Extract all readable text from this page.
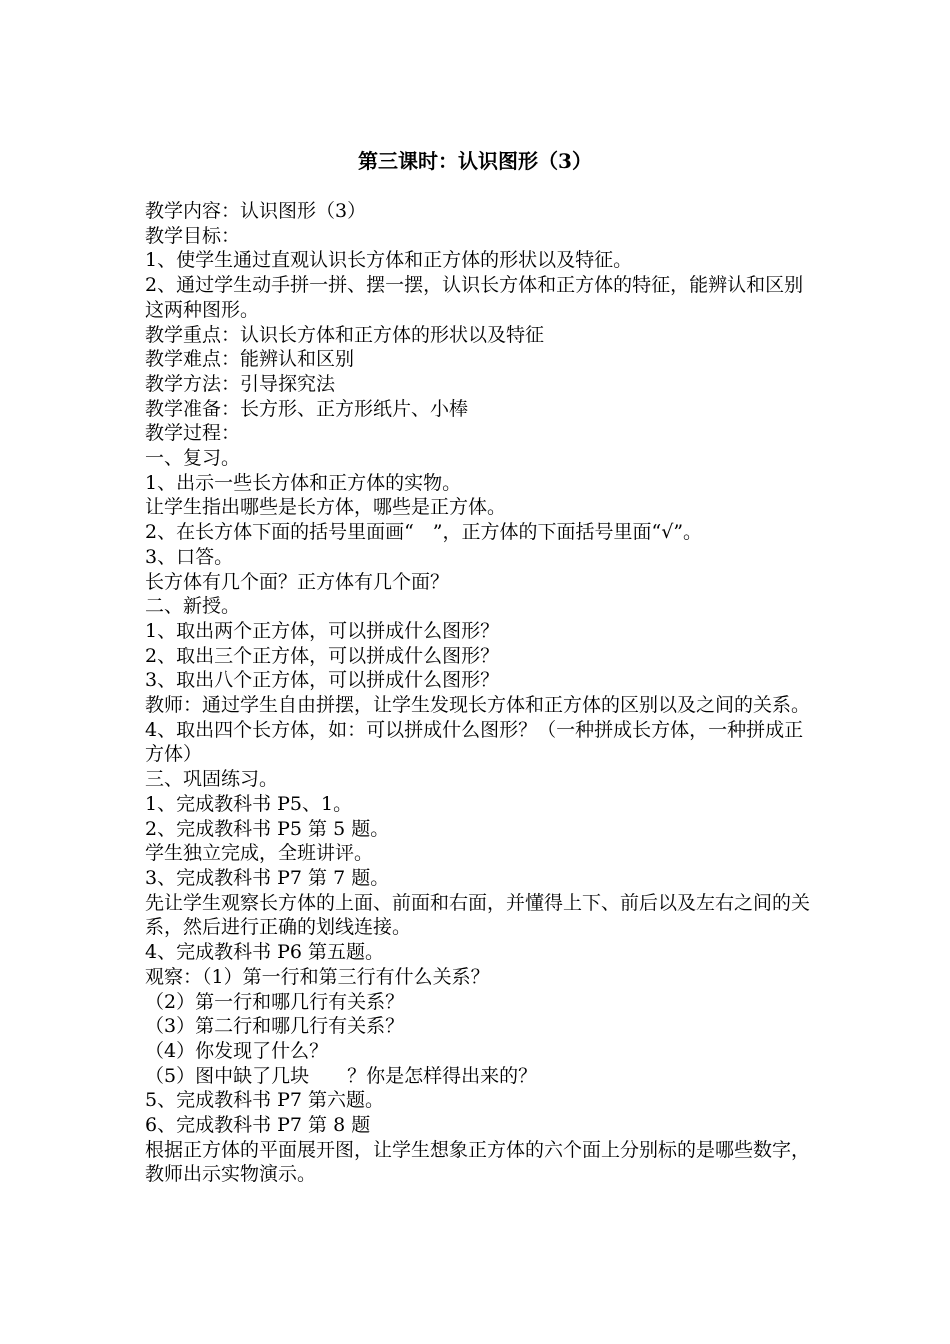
第三课时：认识图形（3）

教学内容：认识图形（3）

教学目标：

1、使学生通过直观认识长方体和正方体的形状以及特征。

2、通过学生动手拼一拼、摆一摆，认识长方体和正方体的特征，能辨认和区别这两种图形。

教学重点：认识长方体和正方体的形状以及特征

教学难点：能辨认和区别

教学方法：引导探究法

教学准备：长方形、正方形纸片、小棒

教学过程：

一、复习。

1、出示一些长方体和正方体的实物。

让学生指出哪些是长方体，哪些是正方体。

2、在长方体下面的括号里面画“　”，正方体的下面括号里面“√”。

3、口答。

长方体有几个面？正方体有几个面？

二、新授。

1、取出两个正方体，可以拼成什么图形？

2、取出三个正方体，可以拼成什么图形？

3、取出八个正方体，可以拼成什么图形？

教师：通过学生自由拼摆，让学生发现长方体和正方体的区别以及之间的关系。

4、取出四个长方体，如：可以拼成什么图形？（一种拼成长方体，一种拼成正方体）

三、巩固练习。

1、完成教科书 P5、1。

2、完成教科书 P5 第 5 题。

学生独立完成，全班讲评。

3、完成教科书 P7 第 7 题。

先让学生观察长方体的上面、前面和右面，并懂得上下、前后以及左右之间的关系，然后进行正确的划线连接。

4、完成教科书 P6 第五题。

观察：（1）第一行和第三行有什么关系？

（2）第一行和哪几行有关系？

（3）第二行和哪几行有关系？

（4）你发现了什么？

（5）图中缺了几块　　？你是怎样得出来的？

5、完成教科书 P7 第六题。

6、完成教科书 P7 第 8 题

根据正方体的平面展开图，让学生想象正方体的六个面上分别标的是哪些数字，教师出示实物演示。
